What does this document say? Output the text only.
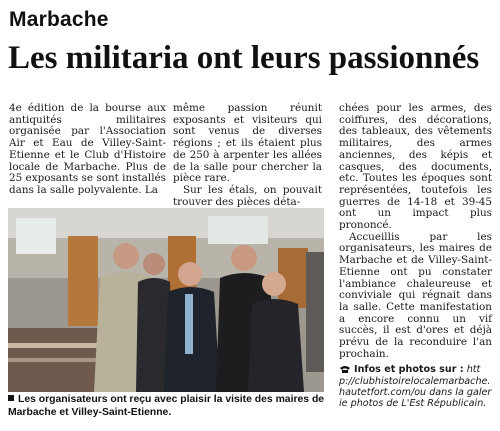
Marbache
Les militaria ont leurs passionnés

4e édition de la bourse aux antiquités militaires organisée par l'Association Air et Eau de Villey-Saint-Etienne et le Club d'Histoire locale de Marbache. Plus de 25 exposants se sont installés dans la salle polyvalente. La

même passion réunit exposants et visiteurs qui sont venus de diverses régions ; et ils étaient plus de 250 à arpenter les allées de la salle pour chercher la pièce rare.

Sur les étals, on pouvait trouver des pièces déta-

chées pour les armes, des coiffures, des décorations, des tableaux, des vêtements militaires, des armes anciennes, des képis et casques, des documents, etc. Toutes les époques sont représentées, toutefois les guerres de 14-18 et 39-45 ont un impact plus prononcé.

Accueillis par les organisateurs, les maires de Marbache et de Villey-Saint-Etienne ont pu constater l'ambiance chaleureuse et conviviale qui régnait dans la salle. Cette manifestation a encore connu un vif succès, il est d'ores et déjà prévu de la reconduire l'an prochain.

Infos et photos sur : http://clubhistoirelocalemarbache.hautetfort.com/ou dans la galerie photos de L'Est Républicain.
Les organisateurs ont reçu avec plaisir la visite des maires de Marbache et Villey-Saint-Etienne.
